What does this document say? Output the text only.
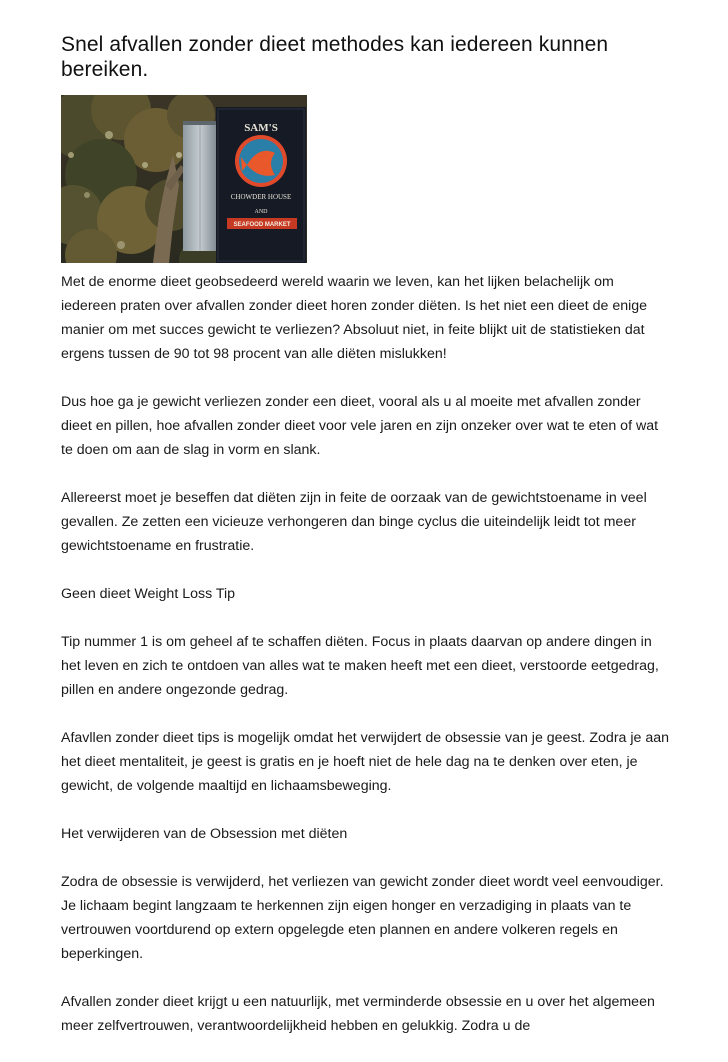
Snel afvallen zonder dieet methodes kan iedereen kunnen bereiken.
SAM'S
CHOWDER HOUSE
AND
SEAFOOD MARKET

Met de enorme dieet geobsedeerd wereld waarin we leven, kan het lijken belachelijk om iedereen praten over afvallen zonder dieet horen zonder diëten. Is het niet een dieet de enige manier om met succes gewicht te verliezen? Absoluut niet, in feite blijkt uit de statistieken dat ergens tussen de 90 tot 98 procent van alle diëten mislukken!

Dus hoe ga je gewicht verliezen zonder een dieet, vooral als u al moeite met afvallen zonder dieet en pillen, hoe afvallen zonder dieet voor vele jaren en zijn onzeker over wat te eten of wat te doen om aan de slag in vorm en slank.

Allereerst moet je beseffen dat diëten zijn in feite de oorzaak van de gewichtstoename in veel gevallen. Ze zetten een vicieuze verhongeren dan binge cyclus die uiteindelijk leidt tot meer gewichtstoename en frustratie.

Geen dieet Weight Loss Tip

Tip nummer 1 is om geheel af te schaffen diëten. Focus in plaats daarvan op andere dingen in het leven en zich te ontdoen van alles wat te maken heeft met een dieet, verstoorde eetgedrag, pillen en andere ongezonde gedrag.

Afavllen zonder dieet tips is mogelijk omdat het verwijdert de obsessie van je geest. Zodra je aan het dieet mentaliteit, je geest is gratis en je hoeft niet de hele dag na te denken over eten, je gewicht, de volgende maaltijd en lichaamsbeweging.

Het verwijderen van de Obsession met diëten

Zodra de obsessie is verwijderd, het verliezen van gewicht zonder dieet wordt veel eenvoudiger. Je lichaam begint langzaam te herkennen zijn eigen honger en verzadiging in plaats van te vertrouwen voortdurend op extern opgelegde eten plannen en andere volkeren regels en beperkingen.

Afvallen zonder dieet krijgt u een natuurlijk, met verminderde obsessie en u over het algemeen meer zelfvertrouwen, verantwoordelijkheid hebben en gelukkig. Zodra u de
